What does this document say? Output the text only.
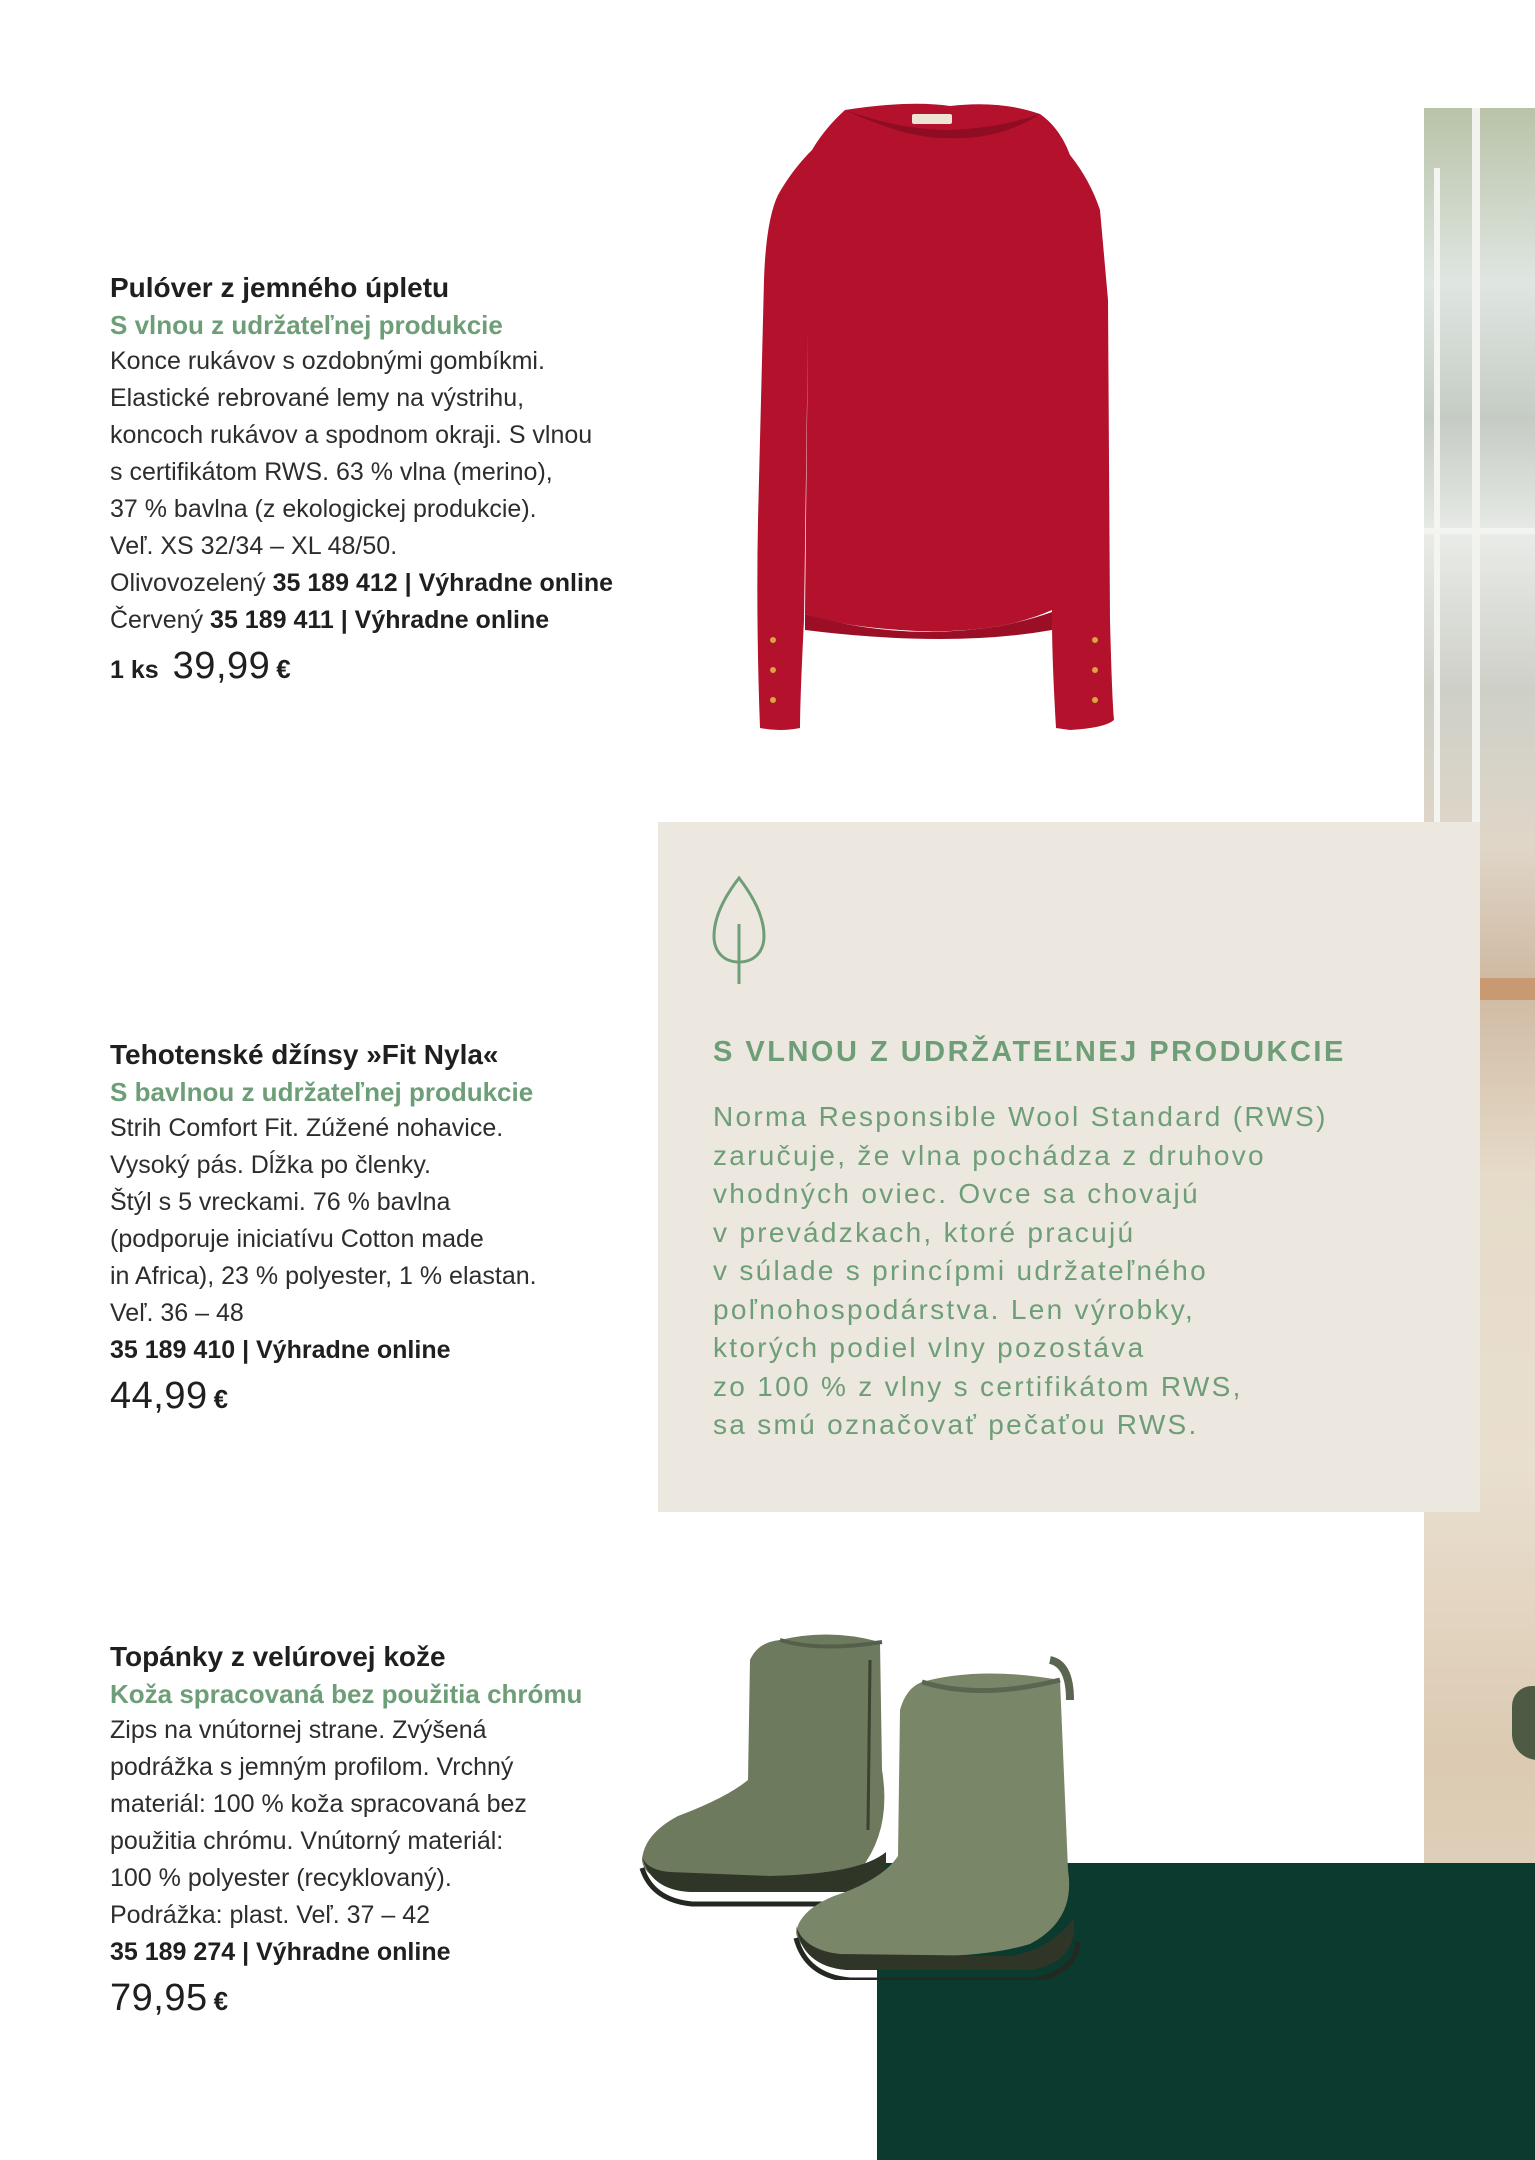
Pulóver z jemného úpletu
S vlnou z udržateľnej produkcie
Konce rukávov s ozdobnými gombíkmi.
Elastické rebrované lemy na výstrihu,
koncoch rukávov a spodnom okraji. S vlnou
s certifikátom RWS. 63 % vlna (merino),
37 % bavlna (z ekologickej produkcie).
Veľ. XS 32/34 – XL 48/50.
Olivovozelený 35 189 412 | Výhradne online
Červený 35 189 411 | Výhradne online
1 ks 39,99 €
Tehotenské džínsy »Fit Nyla«
S bavlnou z udržateľnej produkcie
Strih Comfort Fit. Zúžené nohavice.
Vysoký pás. Dĺžka po členky.
Štýl s 5 vreckami. 76 % bavlna
(podporuje iniciatívu Cotton made
in Africa), 23 % polyester, 1 % elastan.
Veľ. 36 – 48
35 189 410 | Výhradne online
44,99 €
S VLNOU Z UDRŽATEĽNEJ PRODUKCIE
Norma Responsible Wool Standard (RWS)
zaručuje, že vlna pochádza z druhovo
vhodných oviec. Ovce sa chovajú
v prevádzkach, ktoré pracujú
v súlade s princípmi udržateľného
poľnohospodárstva. Len výrobky,
ktorých podiel vlny pozostáva
zo 100 % z vlny s certifikátom RWS,
sa smú označovať pečaťou RWS.
Topánky z velúrovej kože
Koža spracovaná bez použitia chrómu
Zips na vnútornej strane. Zvýšená
podrážka s jemným profilom. Vrchný
materiál: 100 % koža spracovaná bez
použitia chrómu. Vnútorný materiál:
100 % polyester (recyklovaný).
Podrážka: plast. Veľ. 37 – 42
35 189 274 | Výhradne online
79,95 €
